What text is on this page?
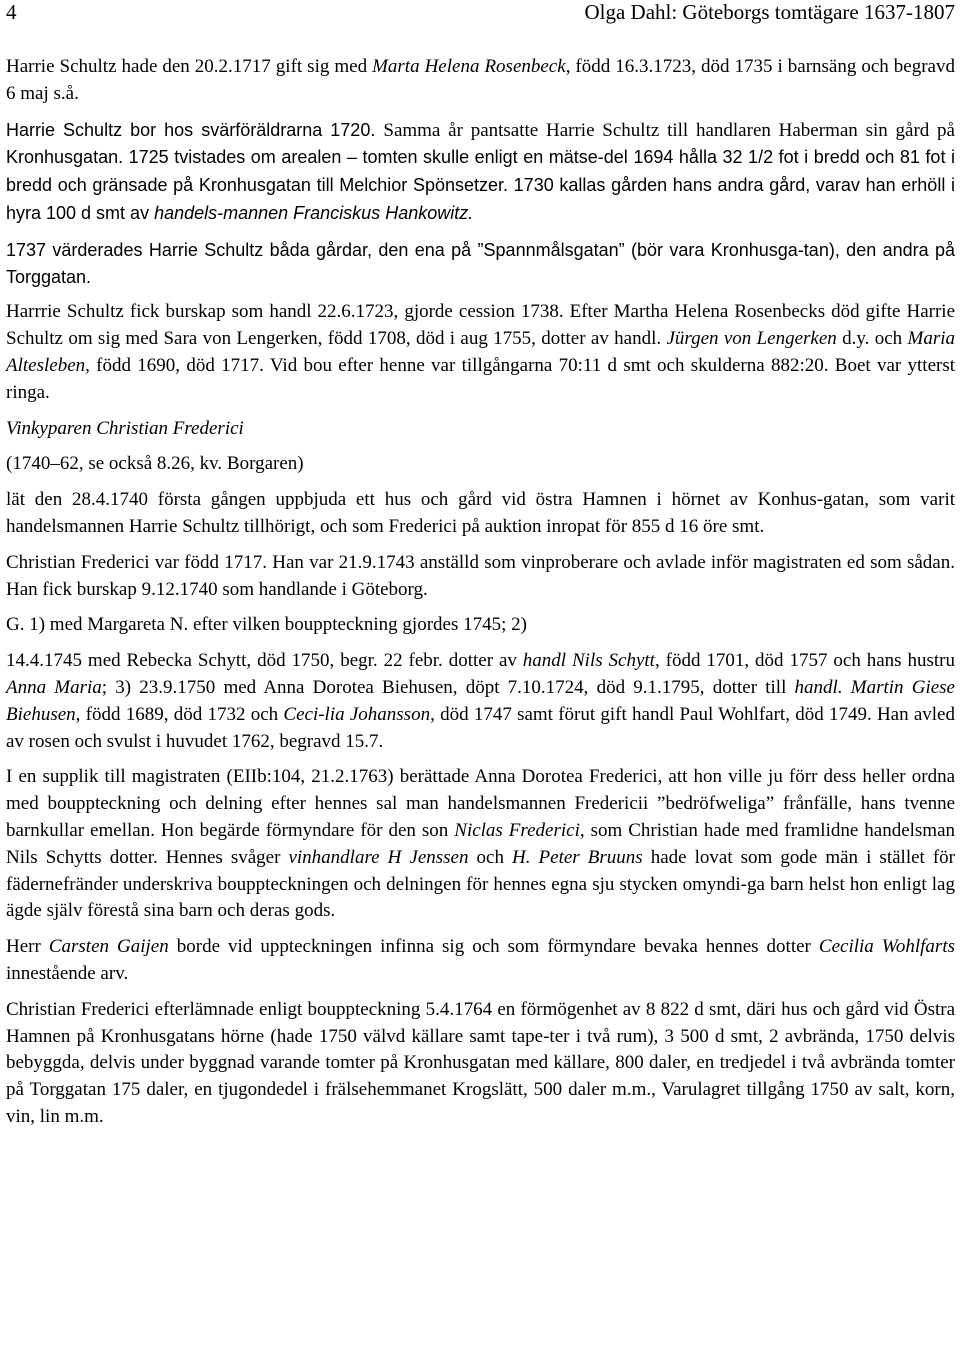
4	Olga Dahl: Göteborgs tomtägare 1637-1807

Harrie Schultz hade den 20.2.1717 gift sig med Marta Helena Rosenbeck, född 16.3.1723, död 1735 i barnsäng och begravd 6 maj s.å.

Harrie Schultz bor hos svärföräldrarna 1720. Samma år pantsatte Harrie Schultz till handlaren Haberman sin gård på Kronhusgatan. 1725 tvistades om arealen – tomten skulle enligt en mätse-del 1694 hålla 32 1/2 fot i bredd och 81 fot i bredd och gränsade på Kronhusgatan till Melchior Spönsetzer. 1730 kallas gården hans andra gård, varav han erhöll i hyra 100 d smt av handels-mannen Franciskus Hankowitz.

1737 värderades Harrie Schultz båda gårdar, den ena på ”Spannmålsgatan” (bör vara Kronhusga-tan), den andra på Torggatan.

Harrrie Schultz fick burskap som handl 22.6.1723, gjorde cession 1738. Efter Martha Helena Rosenbecks död gifte Harrie Schultz om sig med Sara von Lengerken, född 1708, död i aug 1755, dotter av handl. Jürgen von Lengerken d.y. och Maria Altesleben, född 1690, död 1717. Vid bou efter henne var tillgångarna 70:11 d smt och skulderna 882:20. Boet var ytterst ringa.

Vinkyparen Christian Frederici

(1740–62, se också 8.26, kv. Borgaren)

lät den 28.4.1740 första gången uppbjuda ett hus och gård vid östra Hamnen i hörnet av Konhus-gatan, som varit handelsmannen Harrie Schultz tillhörigt, och som Frederici på auktion inropat för 855 d 16 öre smt.

Christian Frederici var född 1717. Han var 21.9.1743 anställd som vinproberare och avlade inför magistraten ed som sådan. Han fick burskap 9.12.1740 som handlande i Göteborg.

G. 1) med Margareta N. efter vilken bouppteckning gjordes 1745; 2)

14.4.1745 med Rebecka Schytt, död 1750, begr. 22 febr. dotter av handl Nils Schytt, född 1701, död 1757 och hans hustru Anna Maria; 3) 23.9.1750 med Anna Dorotea Biehusen, döpt 7.10.1724, död 9.1.1795, dotter till handl. Martin Giese Biehusen, född 1689, död 1732 och Ceci-lia Johansson, död 1747 samt förut gift handl Paul Wohlfart, död 1749. Han avled av rosen och svulst i huvudet 1762, begravd 15.7.

I en supplik till magistraten (EIIb:104, 21.2.1763) berättade Anna Dorotea Frederici, att hon ville ju förr dess heller ordna med bouppteckning och delning efter hennes sal man handelsmannen Fredericii ”bedröfweliga” frånfälle, hans tvenne barnkullar emellan. Hon begärde förmyndare för den son Niclas Frederici, som Christian hade med framlidne handelsman Nils Schytts dotter. Hennes svåger vinhandlare H Jenssen och H. Peter Bruuns hade lovat som gode män i stället för fädernefränder underskriva bouppteckningen och delningen för hennes egna sju stycken omyndi-ga barn helst hon enligt lag ägde själv förestå sina barn och deras gods.

Herr Carsten Gaijen borde vid uppteckningen infinna sig och som förmyndare bevaka hennes dotter Cecilia Wohlfarts innestående arv.

Christian Frederici efterlämnade enligt bouppteckning 5.4.1764 en förmögenhet av 8 822 d smt, däri hus och gård vid Östra Hamnen på Kronhusgatans hörne (hade 1750 välvd källare samt tape-ter i två rum), 3 500 d smt, 2 avbrända, 1750 delvis bebyggda, delvis under byggnad varande tomter på Kronhusgatan med källare, 800 daler, en tredjedel i två avbrända tomter på Torggatan 175 daler, en tjugondedel i frälsehemmanet Krogslätt, 500 daler m.m., Varulagret tillgång 1750 av salt, korn, vin, lin m.m.
